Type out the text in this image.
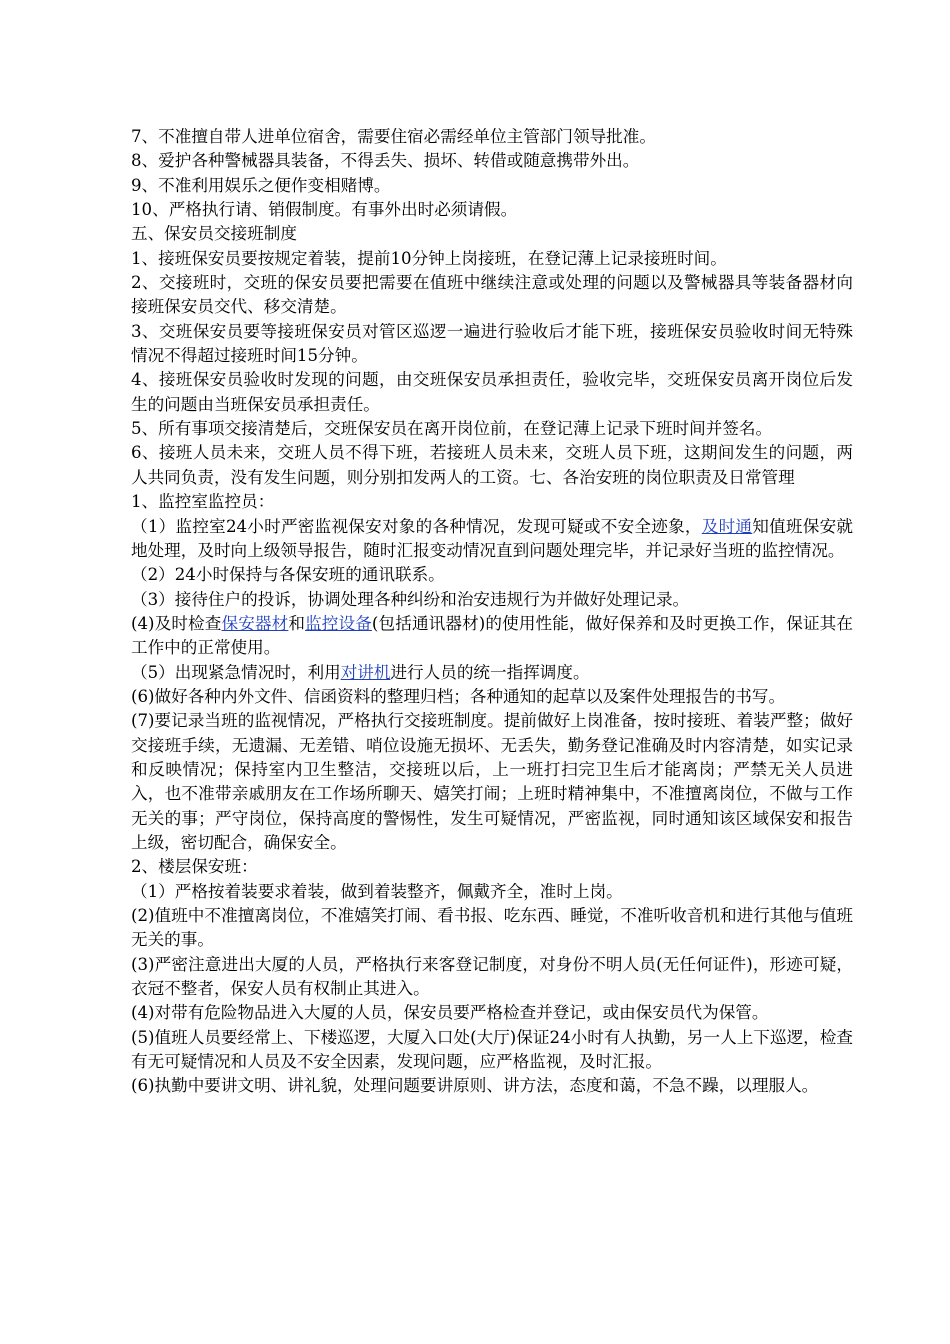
7、不准擅自带人进单位宿舍，需要住宿必需经单位主管部门领导批准。

8、爱护各种警械器具装备，不得丢失、损坏、转借或随意携带外出。

9、不准利用娱乐之便作变相赌博。

10、严格执行请、销假制度。有事外出时必须请假。

五、保安员交接班制度

1、接班保安员要按规定着装，提前10分钟上岗接班，在登记薄上记录接班时间。

2、交接班时，交班的保安员要把需要在值班中继续注意或处理的问题以及警械器具等装备器材向接班保安员交代、移交清楚。

3、交班保安员要等接班保安员对管区巡逻一遍进行验收后才能下班，接班保安员验收时间无特殊情况不得超过接班时间15分钟。

4、接班保安员验收时发现的问题，由交班保安员承担责任，验收完毕，交班保安员离开岗位后发生的问题由当班保安员承担责任。

5、所有事项交接清楚后，交班保安员在离开岗位前，在登记薄上记录下班时间并签名。

6、接班人员未来，交班人员不得下班，若接班人员未来，交班人员下班，这期间发生的问题，两人共同负责，没有发生问题，则分别扣发两人的工资。七、各治安班的岗位职责及日常管理

1、监控室监控员：

（1）监控室24小时严密监视保安对象的各种情况，发现可疑或不安全迹象，及时通知值班保安就地处理，及时向上级领导报告，随时汇报变动情况直到问题处理完毕，并记录好当班的监控情况。

（2）24小时保持与各保安班的通讯联系。

（3）接待住户的投诉，协调处理各种纠纷和治安违规行为并做好处理记录。

(4)及时检查保安器材和监控设备(包括通讯器材)的使用性能，做好保养和及时更换工作，保证其在工作中的正常使用。

（5）出现紧急情况时，利用对讲机进行人员的统一指挥调度。

(6)做好各种内外文件、信函资料的整理归档；各种通知的起草以及案件处理报告的书写。

(7)要记录当班的监视情况，严格执行交接班制度。提前做好上岗准备，按时接班、着装严整；做好交接班手续，无遗漏、无差错、哨位设施无损坏、无丢失，勤务登记准确及时内容清楚，如实记录和反映情况；保持室内卫生整洁，交接班以后，上一班打扫完卫生后才能离岗；严禁无关人员进入，也不准带亲戚朋友在工作场所聊天、嬉笑打闹；上班时精神集中，不准擅离岗位，不做与工作无关的事；严守岗位，保持高度的警惕性，发生可疑情况，严密监视，同时通知该区域保安和报告上级，密切配合，确保安全。

2、楼层保安班：

（1）严格按着装要求着装，做到着装整齐，佩戴齐全，准时上岗。

(2)值班中不准擅离岗位，不准嬉笑打闹、看书报、吃东西、睡觉，不准听收音机和进行其他与值班无关的事。

(3)严密注意进出大厦的人员，严格执行来客登记制度，对身份不明人员(无任何证件)，形迹可疑，衣冠不整者，保安人员有权制止其进入。

(4)对带有危险物品进入大厦的人员，保安员要严格检查并登记，或由保安员代为保管。

(5)值班人员要经常上、下楼巡逻，大厦入口处(大厅)保证24小时有人执勤，另一人上下巡逻，检查有无可疑情况和人员及不安全因素，发现问题，应严格监视，及时汇报。

(6)执勤中要讲文明、讲礼貌，处理问题要讲原则、讲方法，态度和蔼，不急不躁，以理服人。
